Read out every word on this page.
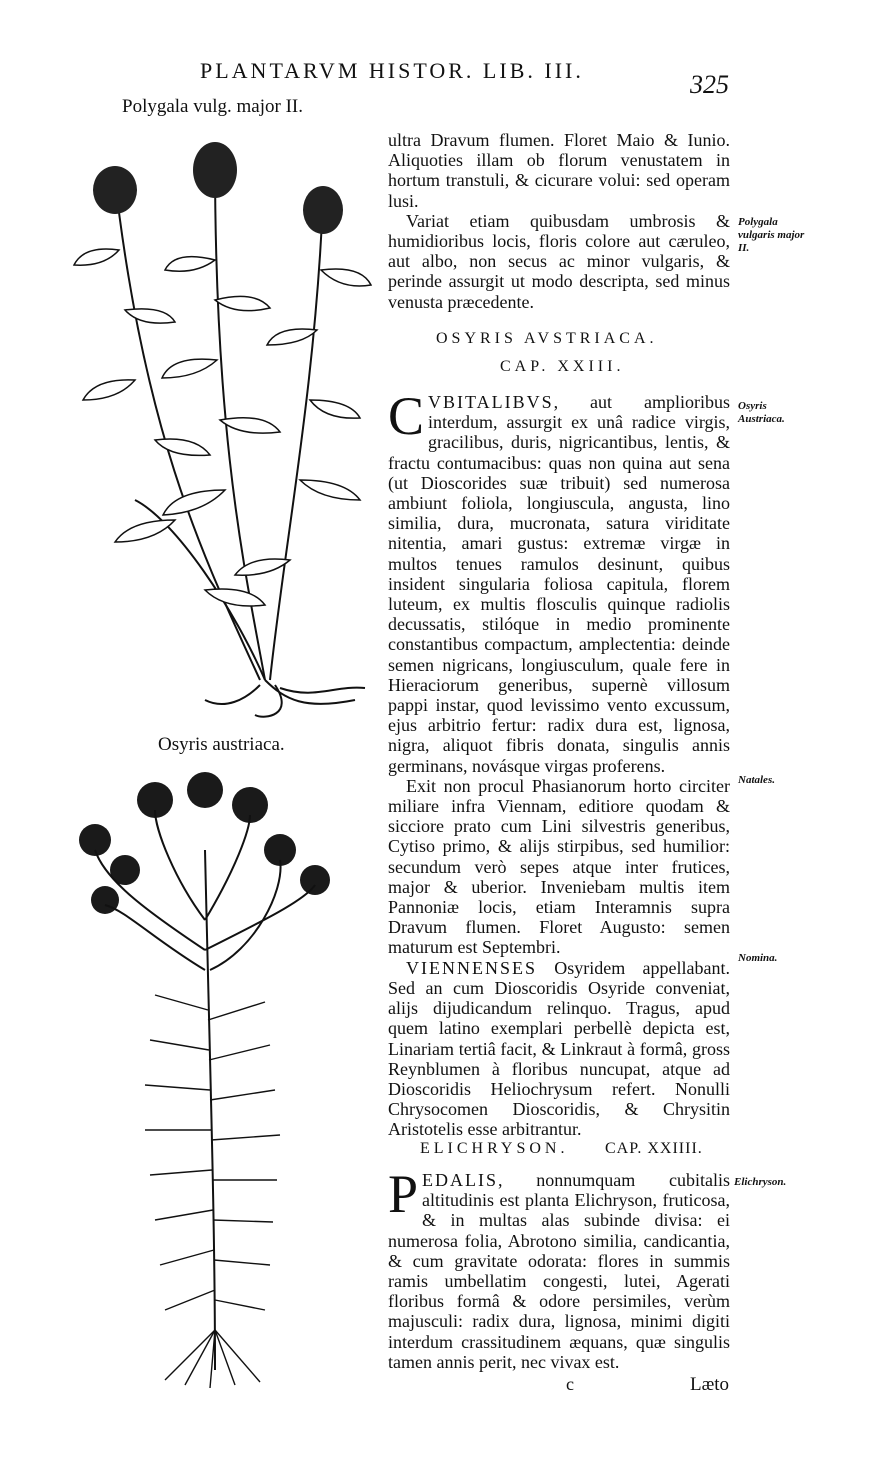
PLANTARVM HISTOR. LIB. III.	325
Polygala vulg. major II.
Osyris austriaca.

ultra Dravum flumen. Floret Maio & Iunio. Aliquoties illam ob florum venustatem in hortum transtuli, & cicurare volui: sed operam lusi.

Variat etiam quibusdam umbrosis & humidioribus locis, floris colore aut cæruleo, aut albo, non secus ac minor vulgaris, & perinde assurgit ut modo descripta, sed minus venusta præcedente.

OSYRIS AVSTRIACA.
CAP. XXIII.

CVBITALIBVS, aut amplioribus interdum, assurgit ex unâ radice virgis, gracilibus, duris, nigricantibus, lentis, & fractu contumacibus: quas non quina aut sena (ut Dioscorides suæ tribuit) sed numerosa ambiunt foliola, longiuscula, angusta, lino similia, dura, mucronata, satura viriditate nitentia, amari gustus: extremæ virgæ in multos tenues ramulos desinunt, quibus insident singularia foliosa capitula, florem luteum, ex multis flosculis quinque radiolis decussatis, stilóque in medio prominente constantibus compactum, amplectentia: deinde semen nigricans, longiusculum, quale fere in Hieraciorum generibus, supernè villosum pappi instar, quod levissimo vento excussum, ejus arbitrio fertur: radix dura est, lignosa, nigra, aliquot fibris donata, singulis annis germinans, novásque virgas proferens.

Exit non procul Phasianorum horto circiter miliare infra Viennam, editiore quodam & sicciore prato cum Lini silvestris generibus, Cytiso primo, & alijs stirpibus, sed humilior: secundum verò sepes atque inter frutices, major & uberior. Inveniebam multis item Pannoniæ locis, etiam Interamnis supra Dravum flumen. Floret Augusto: semen maturum est Septembri.

VIENNENSES Osyridem appellabant. Sed an cum Dioscoridis Osyride conveniat, alijs dijudicandum relinquo. Tragus, apud quem latino exemplari perbellè depicta est, Linariam tertiâ facit, & Linkraut à formâ, gross Reynblumen à floribus nuncupat, atque ad Dioscoridis Heliochrysum refert. Nonulli Chrysocomen Dioscoridis, & Chrysitin Aristotelis esse arbitrantur.

ELICHRYSON. CAP. XXIIII.

PEDALIS, nonnumquam cubitalis altitudinis est planta Elichryson, fruticosa, & in multas alas subinde divisa: ei numerosa folia, Abrotono similia, candicantia, & cum gravitate odorata: flores in summis ramis umbellatim congesti, lutei, Agerati floribus formâ & odore persimiles, verùm majusculi: radix dura, lignosa, minimi digiti interdum crassitudinem æquans, quæ singulis tamen annis perit, nec vivax est.

Polygala vulgaris major II.
Osyris Austriaca.
Natales.
Nomina.
Elichryson.
c	Læto
